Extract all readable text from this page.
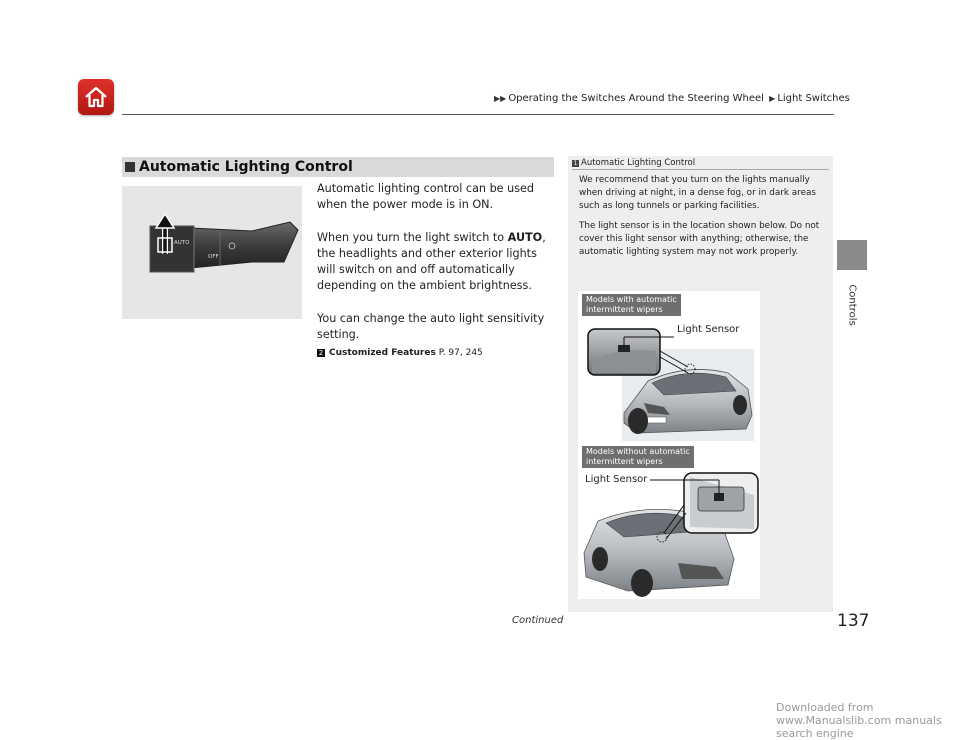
▶▶ Operating the Switches Around the Steering Wheel ▶ Light Switches
Controls
Automatic Lighting Control
AUTO
OFF

Automatic lighting control can be used when the power mode is in ON.

When you turn the light switch to AUTO, the headlights and other exterior lights will switch on and off automatically depending on the ambient brightness.

You can change the auto light sensitivity setting.

2 Customized Features P. 97, 245
1 Automatic Lighting Control

We recommend that you turn on the lights manually when driving at night, in a dense fog, or in dark areas such as long tunnels or parking facilities.

The light sensor is in the location shown below. Do not cover this light sensor with anything; otherwise, the automatic lighting system may not work properly.

Models with automatic
intermittent wipers
Light Sensor
Models without automatic
intermittent wipers
Light Sensor
Continued	137
Downloaded from www.Manualslib.com manuals search engine
